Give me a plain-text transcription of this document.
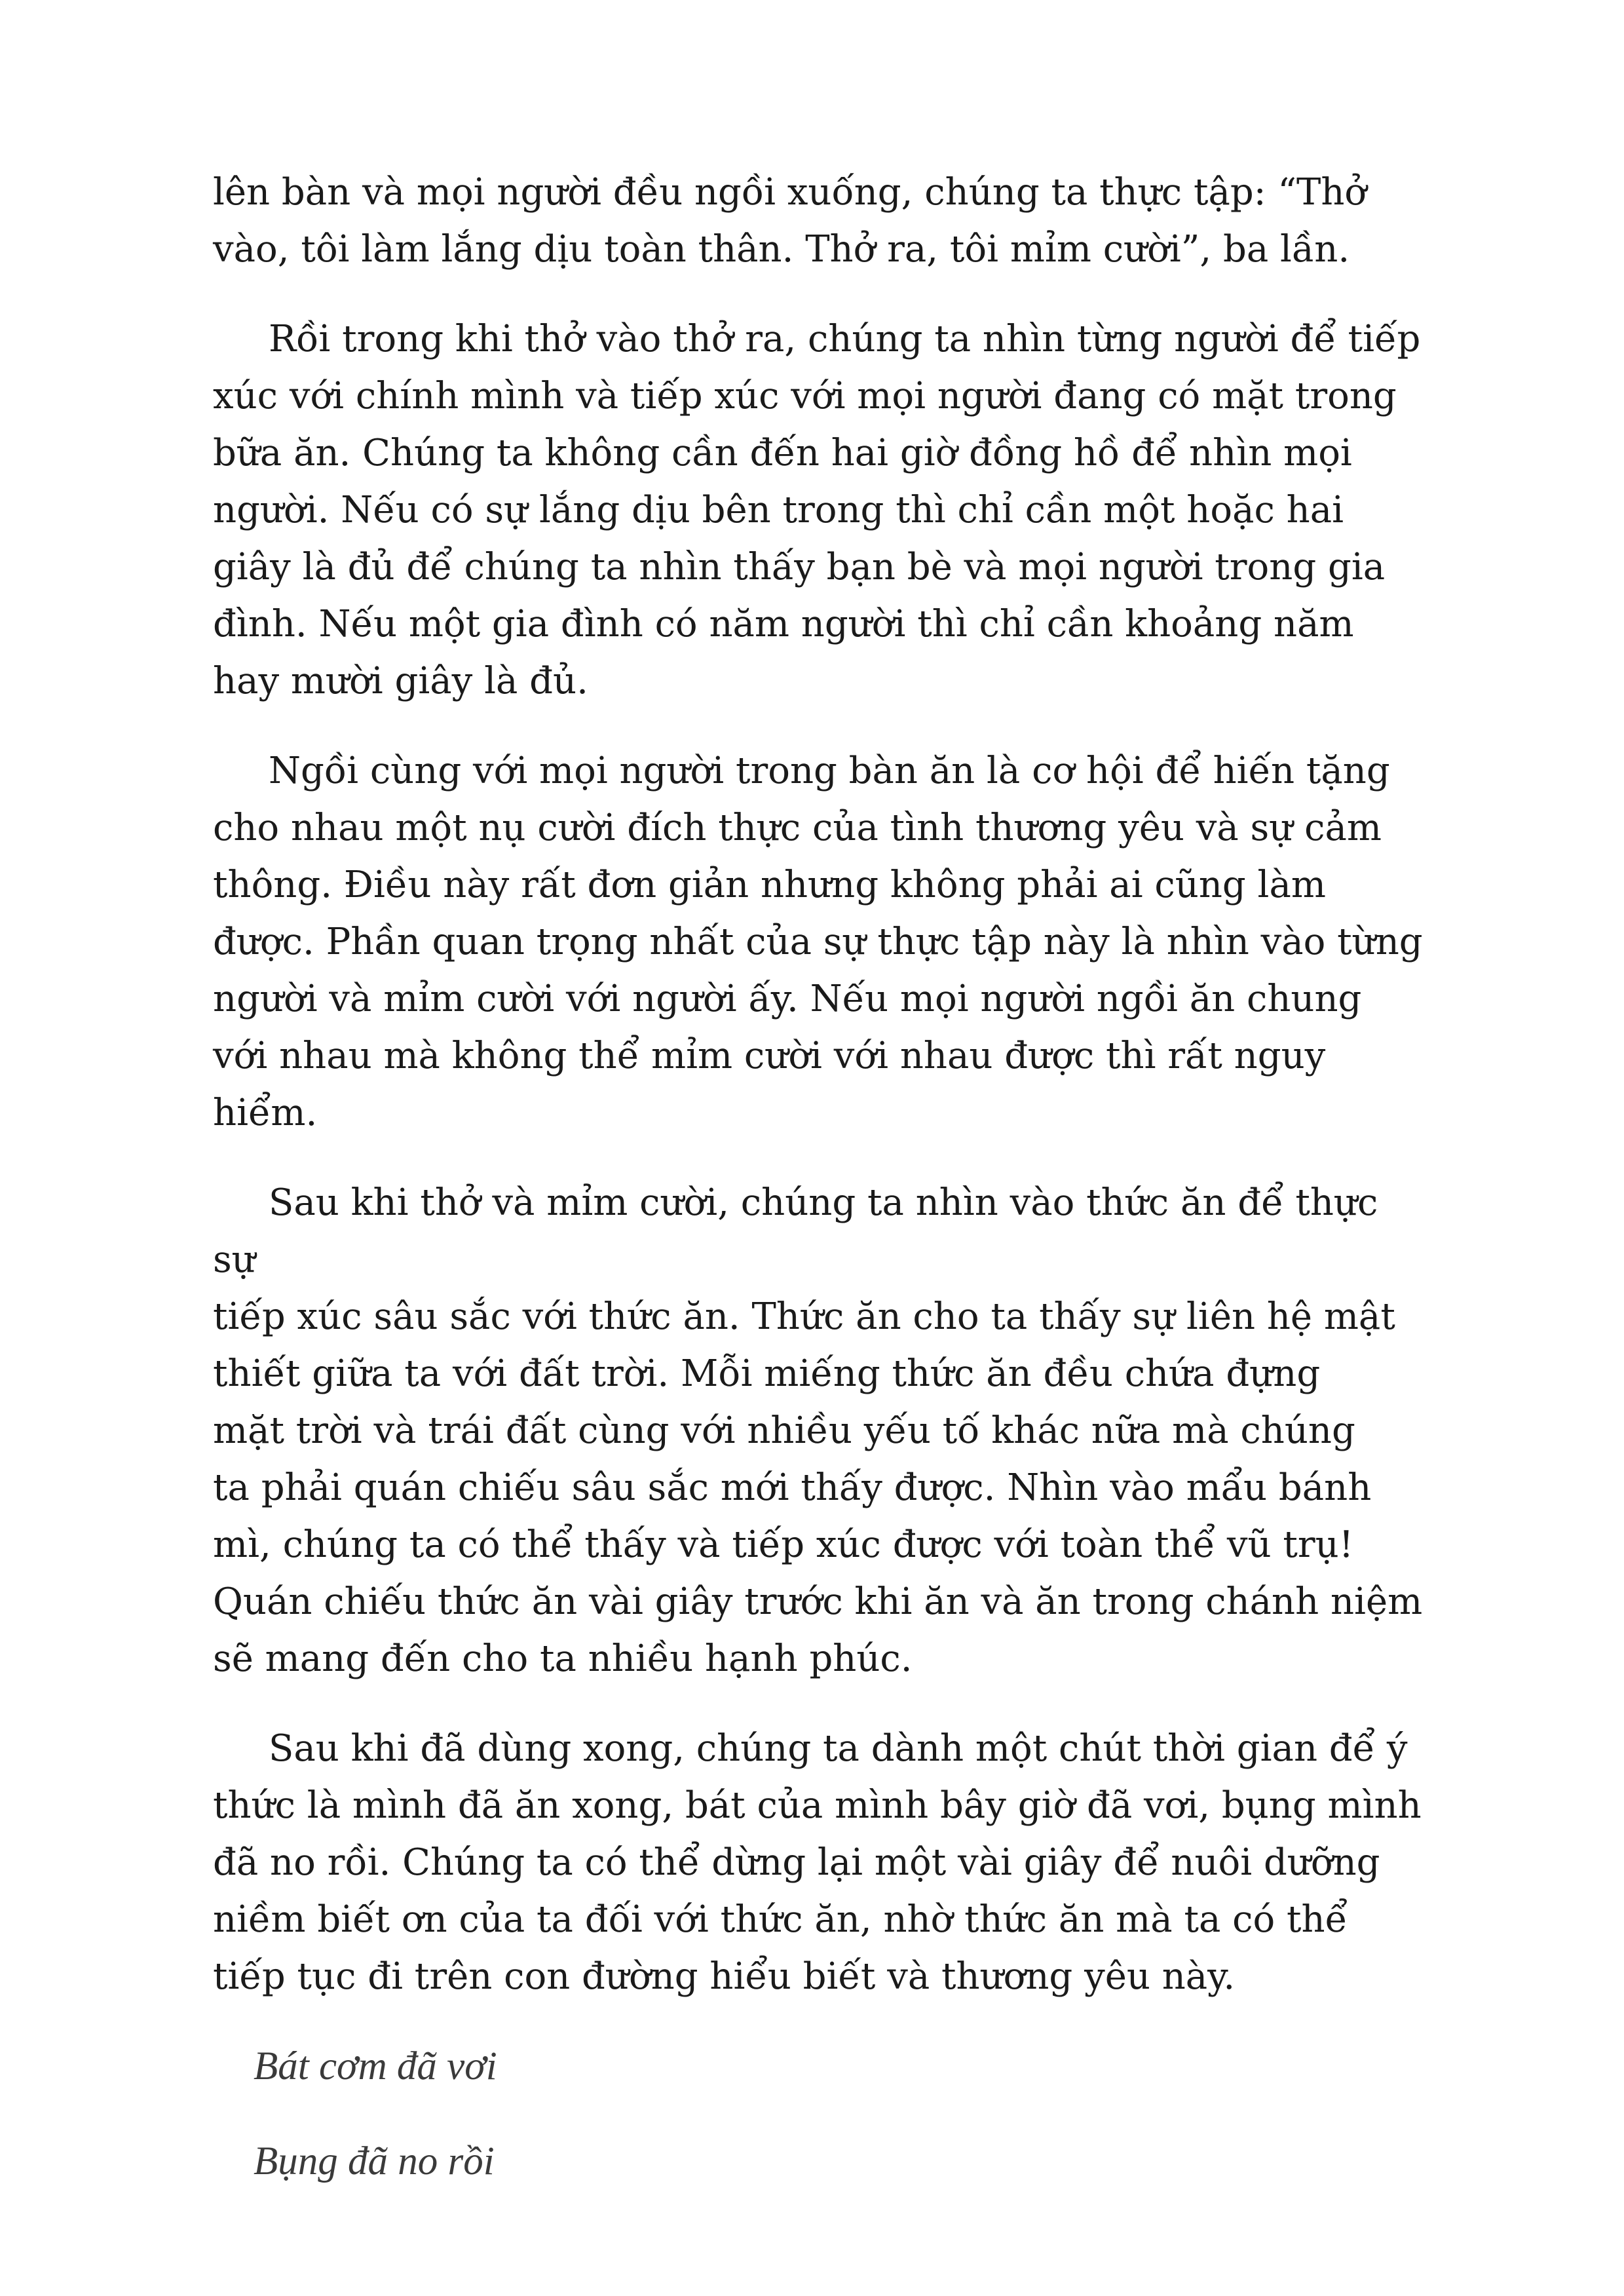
lên bàn và mọi người đều ngồi xuống, chúng ta thực tập: “Thở
vào, tôi làm lắng dịu toàn thân. Thở ra, tôi mỉm cười”, ba lần.

Rồi trong khi thở vào thở ra, chúng ta nhìn từng người để tiếp
xúc với chính mình và tiếp xúc với mọi người đang có mặt trong
bữa ăn. Chúng ta không cần đến hai giờ đồng hồ để nhìn mọi
người. Nếu có sự lắng dịu bên trong thì chỉ cần một hoặc hai
giây là đủ để chúng ta nhìn thấy bạn bè và mọi người trong gia
đình. Nếu một gia đình có năm người thì chỉ cần khoảng năm
hay mười giây là đủ.

Ngồi cùng với mọi người trong bàn ăn là cơ hội để hiến tặng
cho nhau một nụ cười đích thực của tình thương yêu và sự cảm
thông. Điều này rất đơn giản nhưng không phải ai cũng làm
được. Phần quan trọng nhất của sự thực tập này là nhìn vào từng
người và mỉm cười với người ấy. Nếu mọi người ngồi ăn chung
với nhau mà không thể mỉm cười với nhau được thì rất nguy hiểm.

Sau khi thở và mỉm cười, chúng ta nhìn vào thức ăn để thực sự
tiếp xúc sâu sắc với thức ăn. Thức ăn cho ta thấy sự liên hệ mật
thiết giữa ta với đất trời. Mỗi miếng thức ăn đều chứa đựng
mặt trời và trái đất cùng với nhiều yếu tố khác nữa mà chúng
ta phải quán chiếu sâu sắc mới thấy được. Nhìn vào mẩu bánh
mì, chúng ta có thể thấy và tiếp xúc được với toàn thể vũ trụ!
Quán chiếu thức ăn vài giây trước khi ăn và ăn trong chánh niệm
sẽ mang đến cho ta nhiều hạnh phúc.

Sau khi đã dùng xong, chúng ta dành một chút thời gian để ý
thức là mình đã ăn xong, bát của mình bây giờ đã vơi, bụng mình
đã no rồi. Chúng ta có thể dừng lại một vài giây để nuôi dưỡng
niềm biết ơn của ta đối với thức ăn, nhờ thức ăn mà ta có thể
tiếp tục đi trên con đường hiểu biết và thương yêu này.

Bát cơm đã vơi

Bụng đã no rồi
